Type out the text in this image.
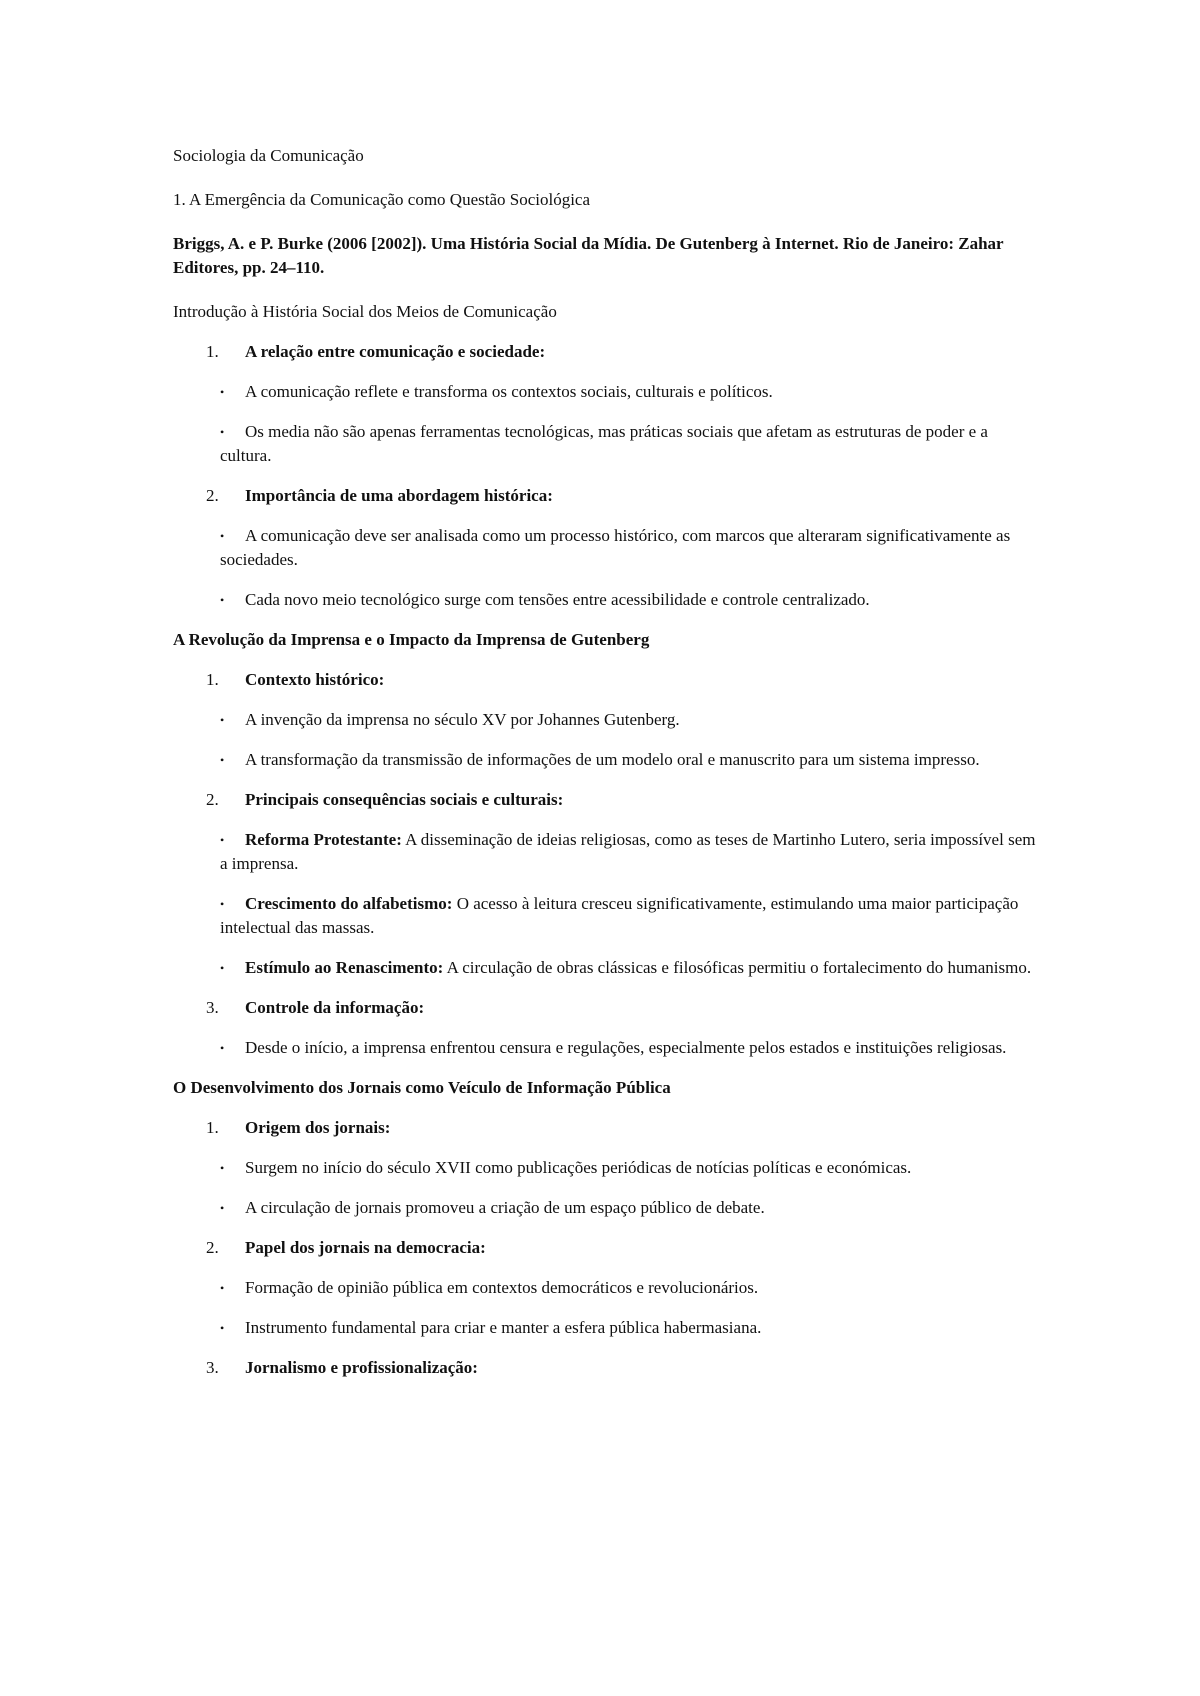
Sociologia da Comunicação

1. A Emergência da Comunicação como Questão Sociológica

Briggs, A. e P. Burke (2006 [2002]). Uma História Social da Mídia. De Gutenberg à Internet. Rio de Janeiro: Zahar Editores, pp. 24–110.

Introdução à História Social dos Meios de Comunicação

1. A relação entre comunicação e sociedade:
•	A comunicação reflete e transforma os contextos sociais, culturais e políticos.
•	Os media não são apenas ferramentas tecnológicas, mas práticas sociais que afetam as estruturas de poder e a cultura.
2. Importância de uma abordagem histórica:
•	A comunicação deve ser analisada como um processo histórico, com marcos que alteraram significativamente as sociedades.
•	Cada novo meio tecnológico surge com tensões entre acessibilidade e controle centralizado.

A Revolução da Imprensa e o Impacto da Imprensa de Gutenberg

1. Contexto histórico:
•	A invenção da imprensa no século XV por Johannes Gutenberg.
•	A transformação da transmissão de informações de um modelo oral e manuscrito para um sistema impresso.
2. Principais consequências sociais e culturais:
•	Reforma Protestante: A disseminação de ideias religiosas, como as teses de Martinho Lutero, seria impossível sem a imprensa.
•	Crescimento do alfabetismo: O acesso à leitura cresceu significativamente, estimulando uma maior participação intelectual das massas.
•	Estímulo ao Renascimento: A circulação de obras clássicas e filosóficas permitiu o fortalecimento do humanismo.
3. Controle da informação:
•	Desde o início, a imprensa enfrentou censura e regulações, especialmente pelos estados e instituições religiosas.

O Desenvolvimento dos Jornais como Veículo de Informação Pública

1. Origem dos jornais:
•	Surgem no início do século XVII como publicações periódicas de notícias políticas e económicas.
•	A circulação de jornais promoveu a criação de um espaço público de debate.
2. Papel dos jornais na democracia:
•	Formação de opinião pública em contextos democráticos e revolucionários.
•	Instrumento fundamental para criar e manter a esfera pública habermasiana.
3. Jornalismo e profissionalização:
